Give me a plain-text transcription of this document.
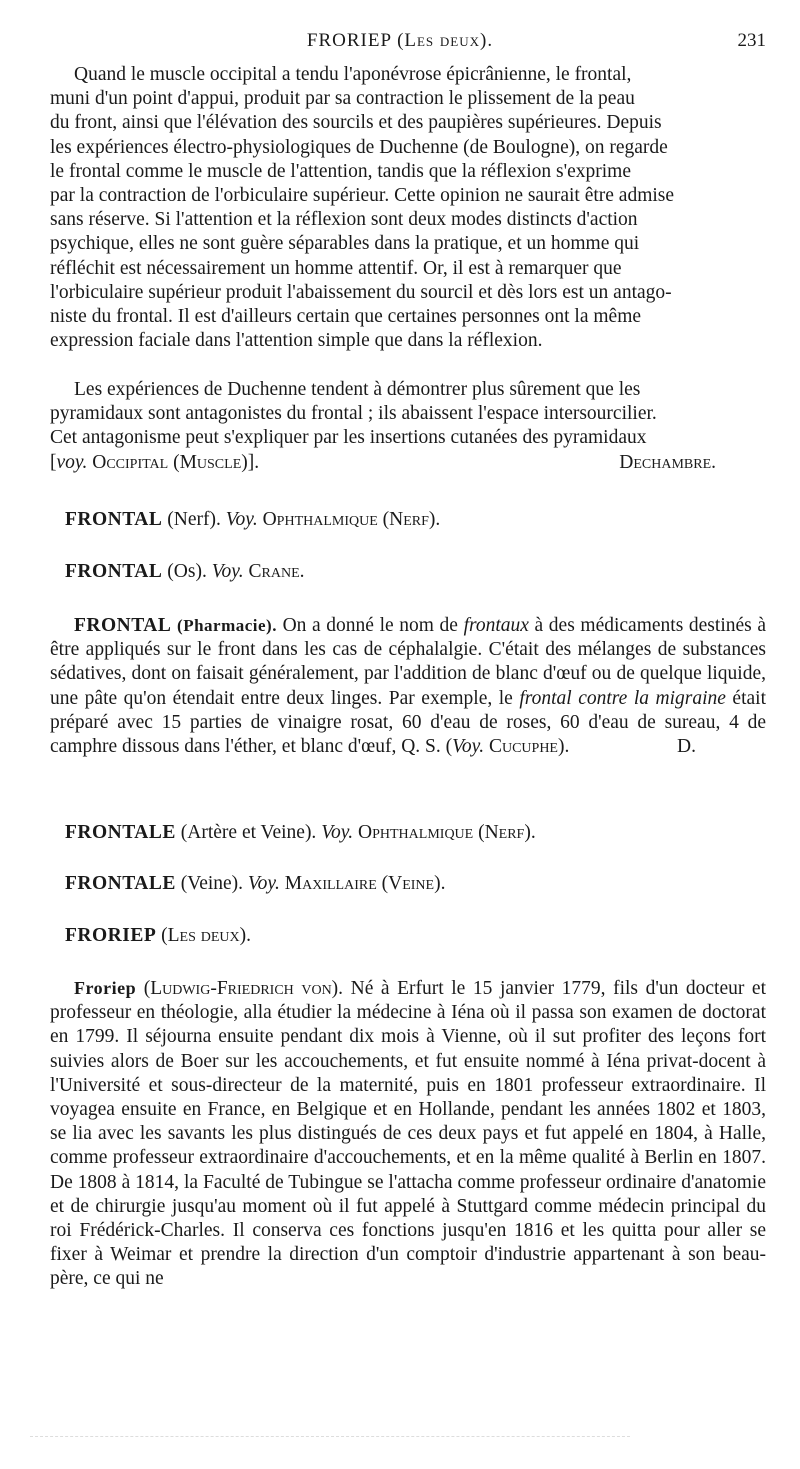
FRORIEP (Les deux).	231
Quand le muscle occipital a tendu l'aponévrose épicrânienne, le frontal,
muni d'un point d'appui, produit par sa contraction le plissement de la peau
du front, ainsi que l'élévation des sourcils et des paupières supérieures. Depuis
les expériences électro-physiologiques de Duchenne (de Boulogne), on regarde
le frontal comme le muscle de l'attention, tandis que la réflexion s'exprime
par la contraction de l'orbiculaire supérieur. Cette opinion ne saurait être admise
sans réserve. Si l'attention et la réflexion sont deux modes distincts d'action
psychique, elles ne sont guère séparables dans la pratique, et un homme qui
réfléchit est nécessairement un homme attentif. Or, il est à remarquer que
l'orbiculaire supérieur produit l'abaissement du sourcil et dès lors est un antago-
niste du frontal. Il est d'ailleurs certain que certaines personnes ont la même
expression faciale dans l'attention simple que dans la réflexion.
Les expériences de Duchenne tendent à démontrer plus sûrement que les
pyramidaux sont antagonistes du frontal ; ils abaissent l'espace intersourcilier.
Cet antagonisme peut s'expliquer par les insertions cutanées des pyramidaux
[voy. Occipital (Muscle)].	Dechambre.
FRONTAL (Nerf). Voy. Ophthalmique (Nerf).
FRONTAL (Os). Voy. Crane.

FRONTAL (Pharmacie). On a donné le nom de frontaux à des médicaments destinés à être appliqués sur le front dans les cas de céphalalgie. C'était des mélanges de substances sédatives, dont on faisait généralement, par l'addition de blanc d'œuf ou de quelque liquide, une pâte qu'on étendait entre deux linges. Par exemple, le frontal contre la migraine était préparé avec 15 parties de vinaigre rosat, 60 d'eau de roses, 60 d'eau de sureau, 4 de camphre dissous dans l'éther, et blanc d'œuf, Q. S. (Voy. Cucuphe).	D.

FRONTALE (Artère et Veine). Voy. Ophthalmique (Nerf).
FRONTALE (Veine). Voy. Maxillaire (Veine).
FRORIEP (Les deux).

Froriep (Ludwig-Friedrich von). Né à Erfurt le 15 janvier 1779, fils d'un docteur et professeur en théologie, alla étudier la médecine à Iéna où il passa son examen de doctorat en 1799. Il séjourna ensuite pendant dix mois à Vienne, où il sut profiter des leçons fort suivies alors de Boer sur les accouchements, et fut ensuite nommé à Iéna privat-docent à l'Université et sous-directeur de la maternité, puis en 1801 professeur extraordinaire. Il voyagea ensuite en France, en Belgique et en Hollande, pendant les années 1802 et 1803, se lia avec les savants les plus distingués de ces deux pays et fut appelé en 1804, à Halle, comme professeur extraordinaire d'accouchements, et en la même qualité à Berlin en 1807. De 1808 à 1814, la Faculté de Tubingue se l'attacha comme professeur ordinaire d'anatomie et de chirurgie jusqu'au moment où il fut appelé à Stuttgard comme médecin principal du roi Frédérick-Charles. Il conserva ces fonctions jusqu'en 1816 et les quitta pour aller se fixer à Weimar et prendre la direction d'un comptoir d'industrie appartenant à son beau-père, ce qui ne
